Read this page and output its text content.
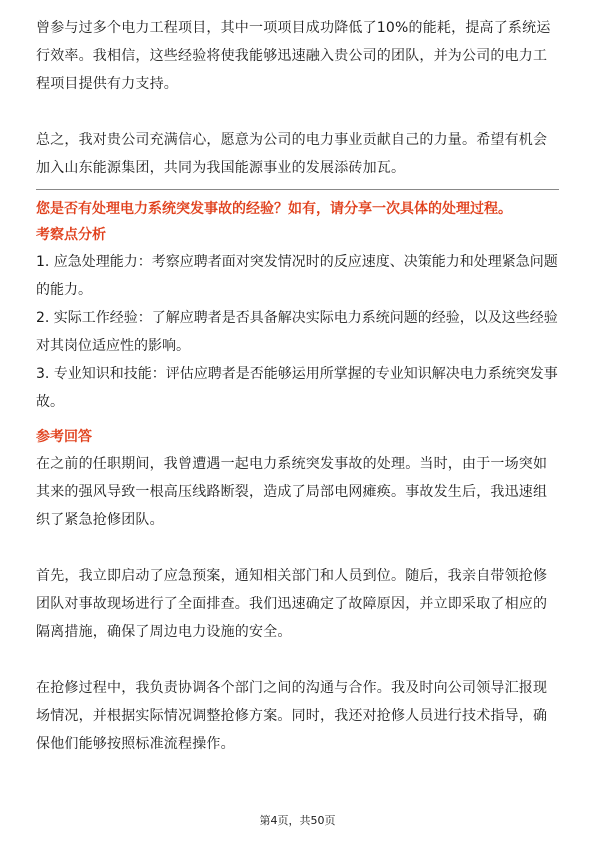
曾参与过多个电力工程项目，其中一项项目成功降低了10%的能耗，提高了系统运行效率。我相信，这些经验将使我能够迅速融入贵公司的团队，并为公司的电力工程项目提供有力支持。

总之，我对贵公司充满信心，愿意为公司的电力事业贡献自己的力量。希望有机会加入山东能源集团，共同为我国能源事业的发展添砖加瓦。

您是否有处理电力系统突发事故的经验？如有，请分享一次具体的处理过程。

考察点分析

1. 应急处理能力：考察应聘者面对突发情况时的反应速度、决策能力和处理紧急问题的能力。

2. 实际工作经验：了解应聘者是否具备解决实际电力系统问题的经验，以及这些经验对其岗位适应性的影响。

3. 专业知识和技能：评估应聘者是否能够运用所掌握的专业知识解决电力系统突发事故。

参考回答

在之前的任职期间，我曾遭遇一起电力系统突发事故的处理。当时，由于一场突如其来的强风导致一根高压线路断裂，造成了局部电网瘫痪。事故发生后，我迅速组织了紧急抢修团队。

首先，我立即启动了应急预案，通知相关部门和人员到位。随后，我亲自带领抢修团队对事故现场进行了全面排查。我们迅速确定了故障原因，并立即采取了相应的隔离措施，确保了周边电力设施的安全。

在抢修过程中，我负责协调各个部门之间的沟通与合作。我及时向公司领导汇报现场情况，并根据实际情况调整抢修方案。同时，我还对抢修人员进行技术指导，确保他们能够按照标准流程操作。

第4页，共50页
